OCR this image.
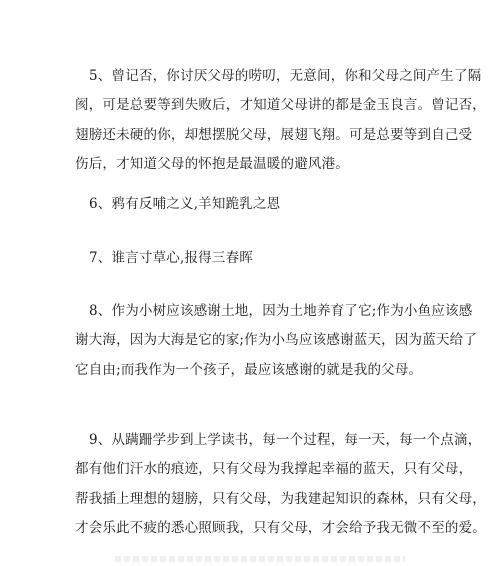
5、曾记否，你讨厌父母的唠叨，无意间，你和父母之间产生了隔
阂，可是总要等到失败后，才知道父母讲的都是金玉良言。曾记否，
翅膀还未硬的你，却想摆脱父母，展翅飞翔。可是总要等到自己受
伤后，才知道父母的怀抱是最温暖的避风港。

6、鸦有反哺之义,羊知跪乳之恩

7、谁言寸草心,报得三春晖

8、作为小树应该感谢土地，因为土地养育了它;作为小鱼应该感
谢大海，因为大海是它的家;作为小鸟应该感谢蓝天，因为蓝天给了
它自由;而我作为一个孩子，最应该感谢的就是我的父母。

9、从蹒跚学步到上学读书，每一个过程，每一天，每一个点滴，
都有他们汗水的痕迹，只有父母为我撑起幸福的蓝天，只有父母，
帮我插上理想的翅膀，只有父母，为我建起知识的森林，只有父母，
才会乐此不疲的悉心照顾我，只有父母，才会给予我无微不至的爱。
